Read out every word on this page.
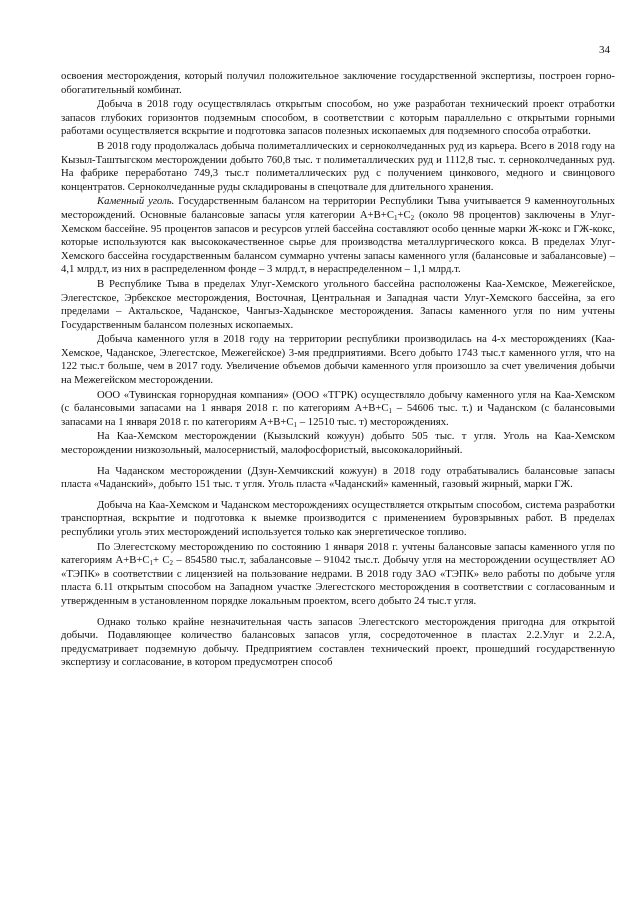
34

освоения месторождения, который получил положительное заключение государственной экспертизы, построен горно-обогатительный комбинат.

Добыча в 2018 году осуществлялась открытым способом, но уже разработан технический проект отработки запасов глубоких горизонтов подземным способом, в соответствии с которым параллельно с открытыми горными работами осуществляется вскрытие и подготовка запасов полезных ископаемых для подземного способа отработки.

В 2018 году продолжалась добыча полиметаллических и серноколчеданных руд из карьера. Всего в 2018 году на Кызыл-Таштыгском месторождении добыто 760,8 тыс. т полиметаллических руд и 1112,8 тыс. т. серноколчеданных руд. На фабрике переработано 749,3 тыс.т полиметаллических руд с получением цинкового, медного и свинцового концентратов. Серноколчеданные руды складированы в спецотвале для длительного хранения.

Каменный уголь. Государственным балансом на территории Республики Тыва учитывается 9 каменноугольных месторождений. Основные балансовые запасы угля категории $А+В+С_1+С_2$ (около 98 процентов) заключены в Улуг-Хемском бассейне. 95 процентов запасов и ресурсов углей бассейна составляют особо ценные марки Ж-кокс и ГЖ-кокс, которые используются как высококачественное сырье для производства металлургического кокса. В пределах Улуг-Хемского бассейна государственным балансом суммарно учтены запасы каменного угля (балансовые и забалансовые) – 4,1 млрд.т, из них в распределенном фонде – 3 млрд.т, в нераспределенном – 1,1 млрд.т.

В Республике Тыва в пределах Улуг-Хемского угольного бассейна расположены Каа-Хемское, Межегейское, Элегестское, Эрбекское месторождения, Восточная, Центральная и Западная части Улуг-Хемского бассейна, за его пределами – Актальское, Чаданское, Чангыз-Хадынское месторождения. Запасы каменного угля по ним учтены Государственным балансом полезных ископаемых.

Добыча каменного угля в 2018 году на территории республики производилась на 4-х месторождениях (Каа-Хемское, Чаданское, Элегестское, Межегейское) 3-мя предприятиями. Всего добыто 1743 тыс.т каменного угля, что на 122 тыс.т больше, чем в 2017 году. Увеличение объемов добычи каменного угля произошло за счет увеличения добычи на Межегейском месторождении.

ООО «Тувинская горнорудная компания» (ООО «ТГРК) осуществляло добычу каменного угля на Каа-Хемском (с балансовыми запасами на 1 января 2018 г. по категориям $А+В+С_1 - 54606$ тыс. т.) и Чаданском (с балансовыми запасами на 1 января 2018 г. по категориям $А+В+С_1 - 12510$ тыс. т) месторождениях.

На Каа-Хемском месторождении (Кызылский кожуун) добыто 505 тыс. т угля. Уголь на Каа-Хемском месторождении низкозольный, малосернистый, малофосфористый, высококалорийный.

На Чаданском месторождении (Дзун-Хемчикский кожуун) в 2018 году отрабатывались балансовые запасы пласта «Чаданский», добыто 151 тыс. т угля. Уголь пласта «Чаданский» каменный, газовый жирный, марки ГЖ.

Добыча на Каа-Хемском и Чаданском месторождениях осуществляется открытым способом, система разработки транспортная, вскрытие и подготовка к выемке производится с применением буровзрывных работ. В пределах республики уголь этих месторождений используется только как энергетическое топливо.

По Элегестскому месторождению по состоянию 1 января 2018 г. учтены балансовые запасы каменного угля по категориям $А+В+С_1+ С_2 - 854580$ тыс.т, забалансовые – 91042 тыс.т. Добычу угля на месторождении осуществляет АО «ТЭПК» в соответствии с лицензией на пользование недрами. В 2018 году ЗАО «ТЭПК» вело работы по добыче угля пласта 6.11 открытым способом на Западном участке Элегестского месторождения в соответствии с согласованным и утвержденным в установленном порядке локальным проектом, всего добыто 24 тыс.т угля.

Однако только крайне незначительная часть запасов Элегестского месторождения пригодна для открытой добычи. Подавляющее количество балансовых запасов угля, сосредоточенное в пластах 2.2.Улуг и 2.2.А, предусматривает подземную добычу. Предприятием составлен технический проект, прошедший государственную экспертизу и согласование, в котором предусмотрен способ
